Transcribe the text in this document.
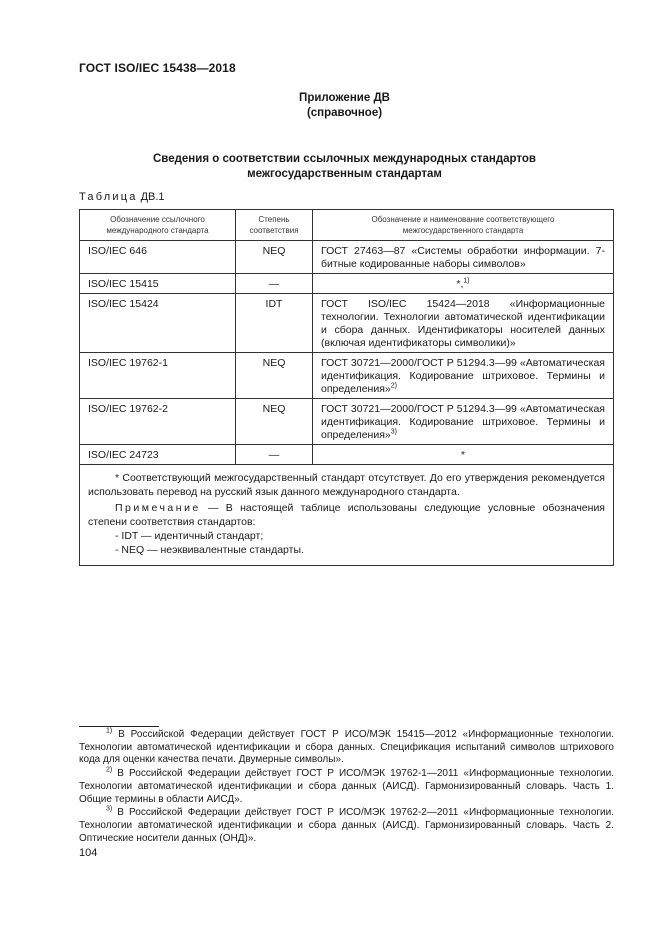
ГОСТ ISO/IEC 15438—2018
Приложение ДВ
(справочное)
Сведения о соответствии ссылочных международных стандартов
межгосударственным стандартам
Таблица ДВ.1
Обозначение ссылочного международного стандарта	Степень соответствия	Обозначение и наименование соответствующего межгосударственного стандарта
ISO/IEC 646	NEQ	ГОСТ 27463—87 «Системы обработки информации. 7-битные кодированные наборы символов»
ISO/IEC 15415	—	*,$^{1)}$
ISO/IEC 15424	IDT	ГОСТ ISO/IEC 15424—2018 «Информационные технологии. Технологии автоматической идентификации и сбора данных. Идентификаторы носителей данных (включая идентификаторы символики)»
ISO/IEC 19762-1	NEQ	ГОСТ 30721—2000/ГОСТ Р 51294.3—99 «Автоматическая идентификация. Кодирование штриховое. Термины и определения»$^{2)}$
ISO/IEC 19762-2	NEQ	ГОСТ 30721—2000/ГОСТ Р 51294.3—99 «Автоматическая идентификация. Кодирование штриховое. Термины и определения»$^{3)}$
ISO/IEC 24723	—	*

* Соответствующий межгосударственный стандарт отсутствует. До его утверждения рекомендуется использовать перевод на русский язык данного международного стандарта.

Примечание — В настоящей таблице использованы следующие условные обозначения степени соответствия стандартов:

- IDT — идентичный стандарт;

- NEQ — неэквивалентные стандарты.		

$^{1)}$ В Российской Федерации действует ГОСТ Р ИСО/МЭК 15415—2012 «Информационные технологии. Технологии автоматической идентификации и сбора данных. Спецификация испытаний символов штрихового кода для оценки качества печати. Двумерные символы».

$^{2)}$ В Российской Федерации действует ГОСТ Р ИСО/МЭК 19762-1—2011 «Информационные технологии. Технологии автоматической идентификации и сбора данных (АИСД). Гармонизированный словарь. Часть 1. Общие термины в области АИСД».

$^{3)}$ В Российской Федерации действует ГОСТ Р ИСО/МЭК 19762-2—2011 «Информационные технологии. Технологии автоматической идентификации и сбора данных (АИСД). Гармонизированный словарь. Часть 2. Оптические носители данных (ОНД)».

104
